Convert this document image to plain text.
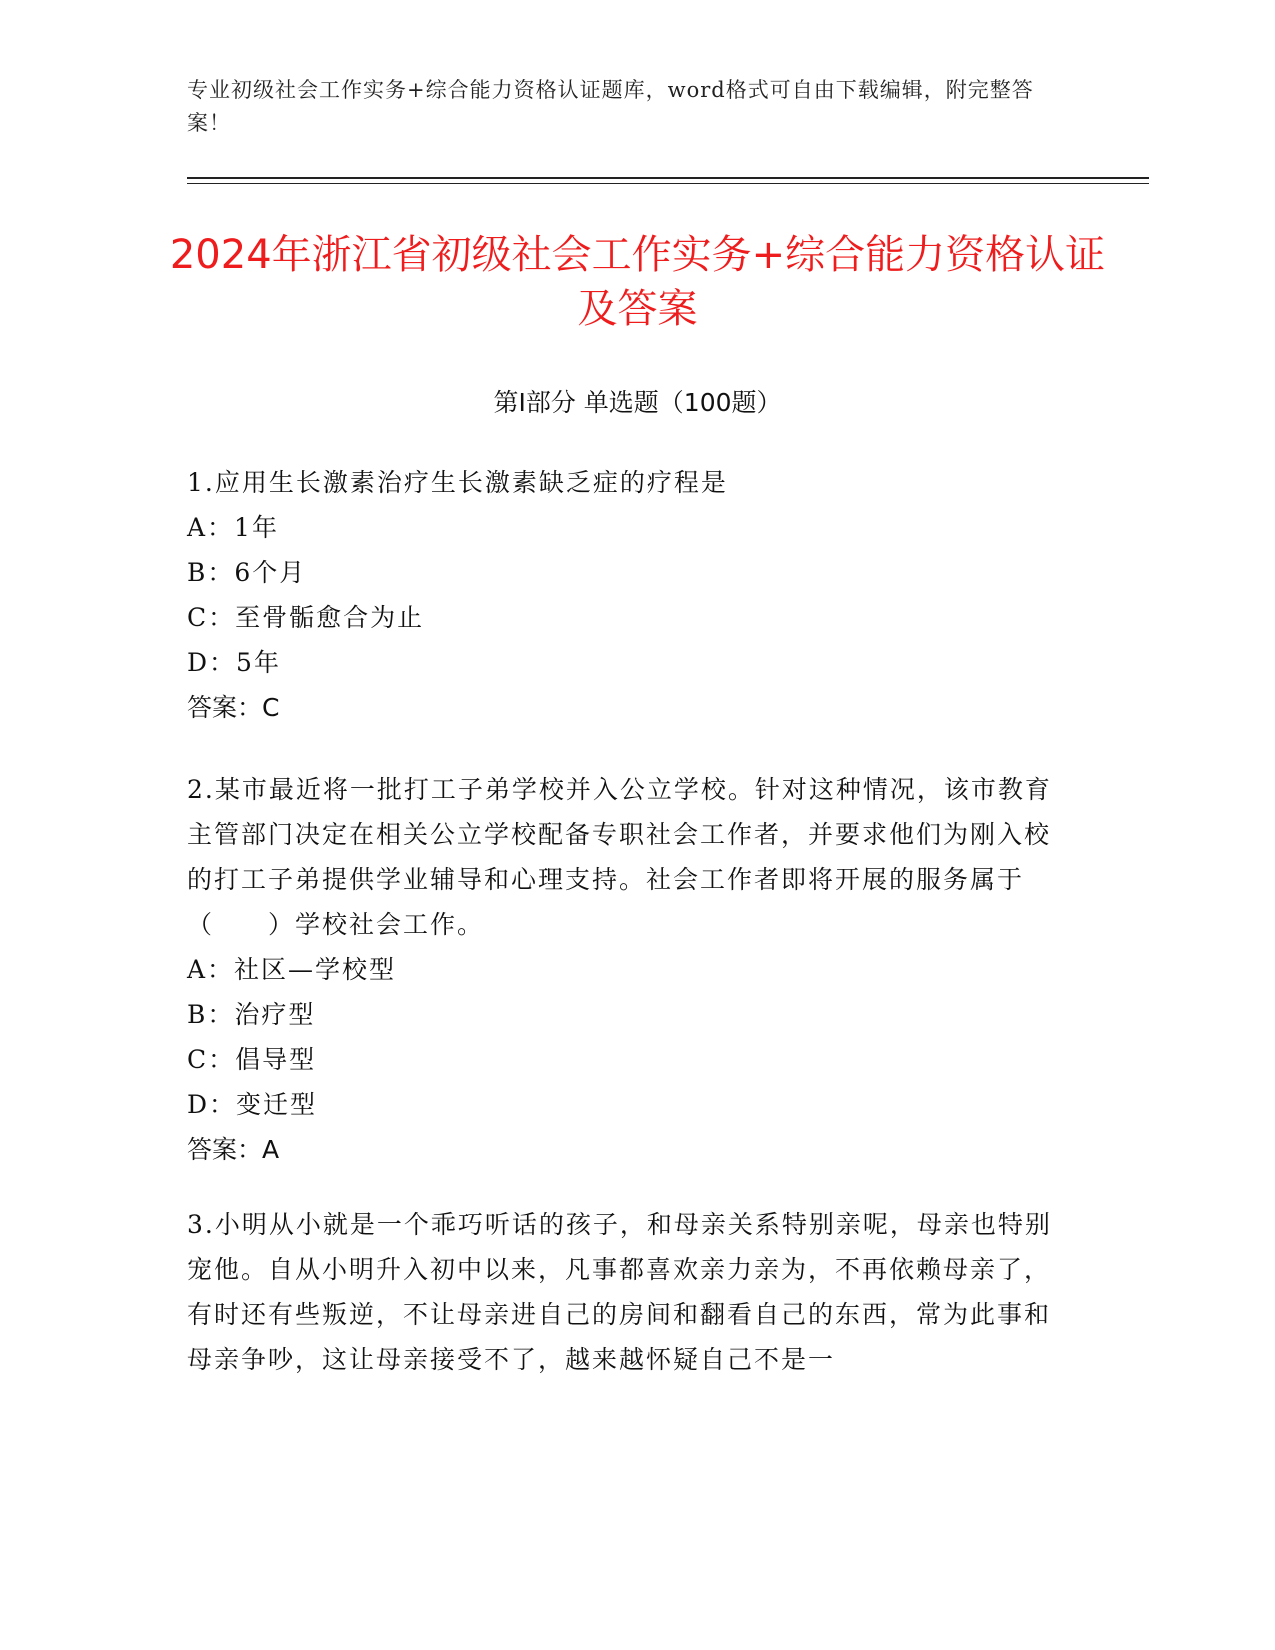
专业初级社会工作实务+综合能力资格认证题库，word格式可自由下载编辑，附完整答案！
2024年浙江省初级社会工作实务+综合能力资格认证及答案
第Ⅰ部分 单选题（100题）
1.应用生长激素治疗生长激素缺乏症的疗程是
A：1年
B：6个月
C：至骨骺愈合为止
D：5年
答案：C
2.某市最近将一批打工子弟学校并入公立学校。针对这种情况，该市教育主管部门决定在相关公立学校配备专职社会工作者，并要求他们为刚入校的打工子弟提供学业辅导和心理支持。社会工作者即将开展的服务属于（　　）学校社会工作。
A：社区—学校型
B：治疗型
C：倡导型
D：变迁型
答案：A
3.小明从小就是一个乖巧听话的孩子，和母亲关系特别亲呢，母亲也特别宠他。自从小明升入初中以来，凡事都喜欢亲力亲为，不再依赖母亲了，有时还有些叛逆，不让母亲进自己的房间和翻看自己的东西，常为此事和母亲争吵，这让母亲接受不了，越来越怀疑自己不是一
